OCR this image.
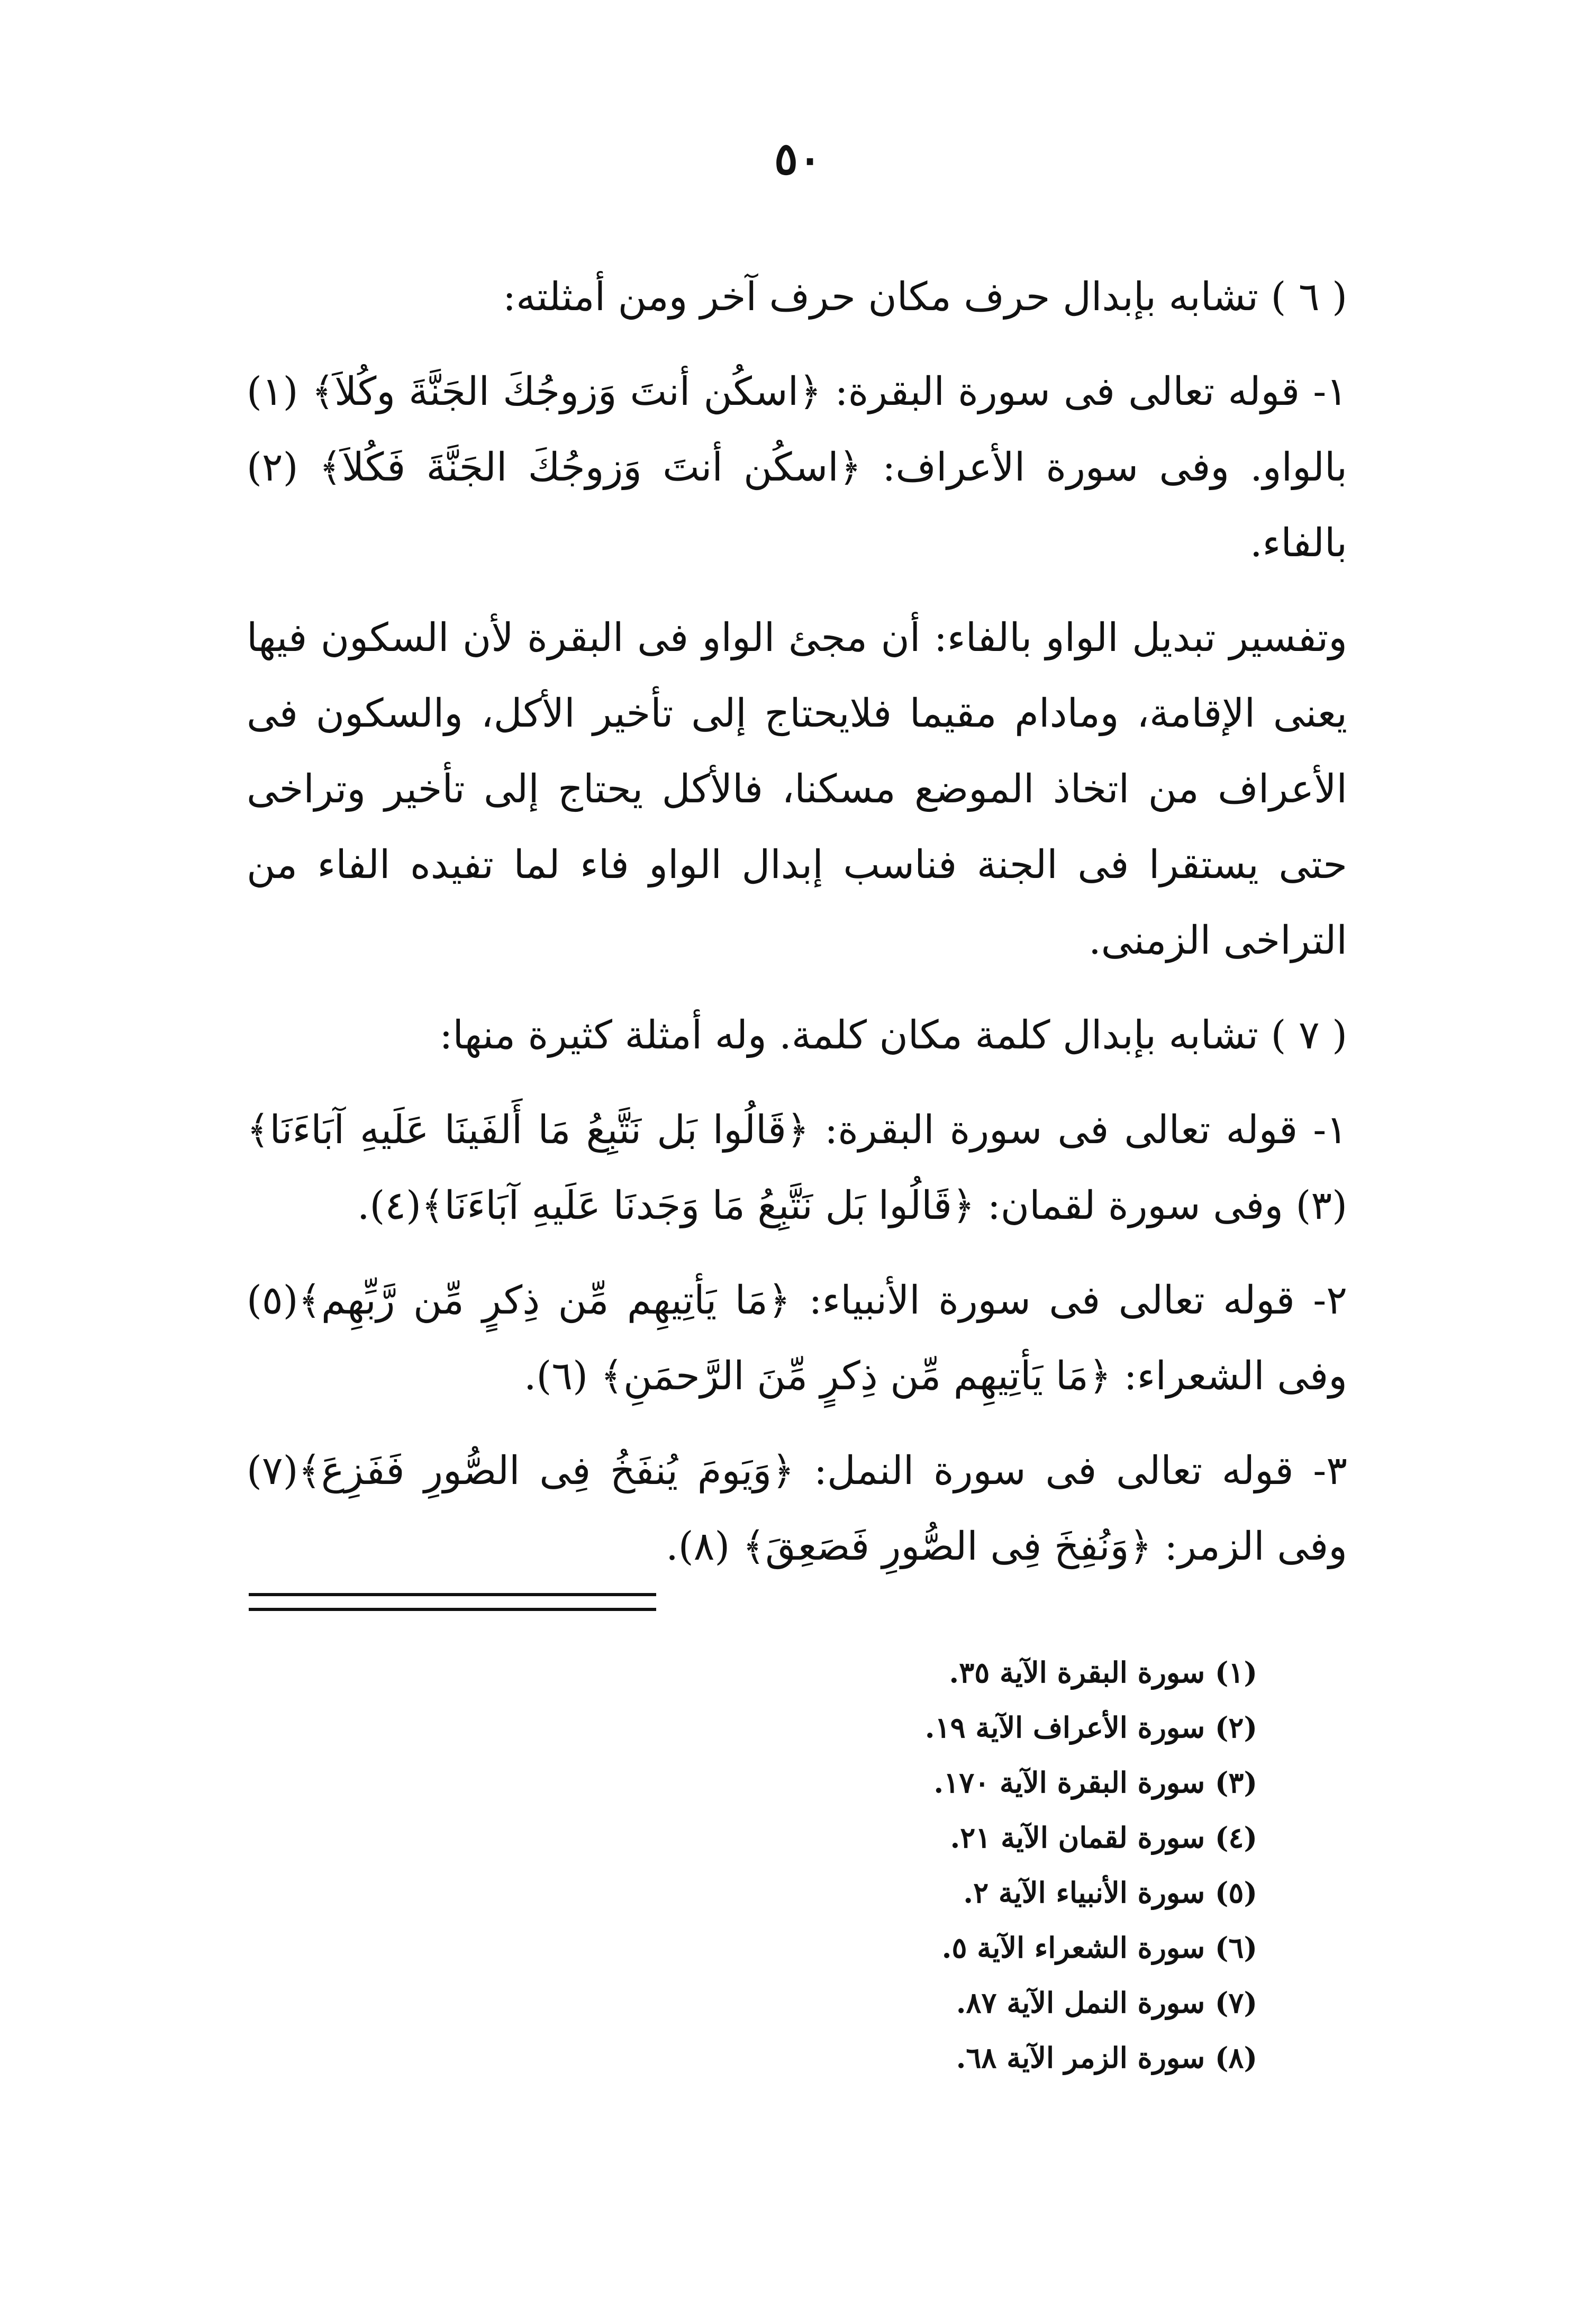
٥٠

( ٦ ) تشابه بإبدال حرف مكان حرف آخر ومن أمثلته:

١- قوله تعالى فى سورة البقرة: ﴿اسكُن أنتَ وَزوجُكَ الجَنَّةَ وكُلاَ﴾ (١) بالواو. وفى سورة الأعراف: ﴿اسكُن أنتَ وَزوجُكَ الجَنَّةَ فَكُلاَ﴾ (٢) بالفاء.

وتفسير تبديل الواو بالفاء: أن مجئ الواو فى البقرة لأن السكون فيها يعنى الإقامة، ومادام مقيما فلايحتاج إلى تأخير الأكل، والسكون فى الأعراف من اتخاذ الموضع مسكنا، فالأكل يحتاج إلى تأخير وتراخى حتى يستقرا فى الجنة فناسب إبدال الواو فاء لما تفيده الفاء من التراخى الزمنى.

( ٧ ) تشابه بإبدال كلمة مكان كلمة. وله أمثلة كثيرة منها:

١- قوله تعالى فى سورة البقرة: ﴿قَالُوا بَل نَتَّبِعُ مَا أَلفَينَا عَلَيهِ آبَاءَنَا﴾ (٣) وفى سورة لقمان: ﴿قَالُوا بَل نَتَّبِعُ مَا وَجَدنَا عَلَيهِ آبَاءَنَا﴾(٤).

٢- قوله تعالى فى سورة الأنبياء: ﴿مَا يَأتِيهِم مِّن ذِكرٍ مِّن رَّبِّهِم﴾(٥) وفى الشعراء: ﴿مَا يَأتِيهِم مِّن ذِكرٍ مِّنَ الرَّحمَنِ﴾ (٦).

٣- قوله تعالى فى سورة النمل: ﴿وَيَومَ يُنفَخُ فِى الصُّورِ فَفَزِعَ﴾(٧) وفى الزمر: ﴿وَنُفِخَ فِى الصُّورِ فَصَعِقَ﴾ (٨).

(١) سورة البقرة الآية ٣٥.
(٢) سورة الأعراف الآية ١٩.
(٣) سورة البقرة الآية ١٧٠.
(٤) سورة لقمان الآية ٢١.
(٥) سورة الأنبياء الآية ٢.
(٦) سورة الشعراء الآية ٥.
(٧) سورة النمل الآية ٨٧.
(٨) سورة الزمر الآية ٦٨.
